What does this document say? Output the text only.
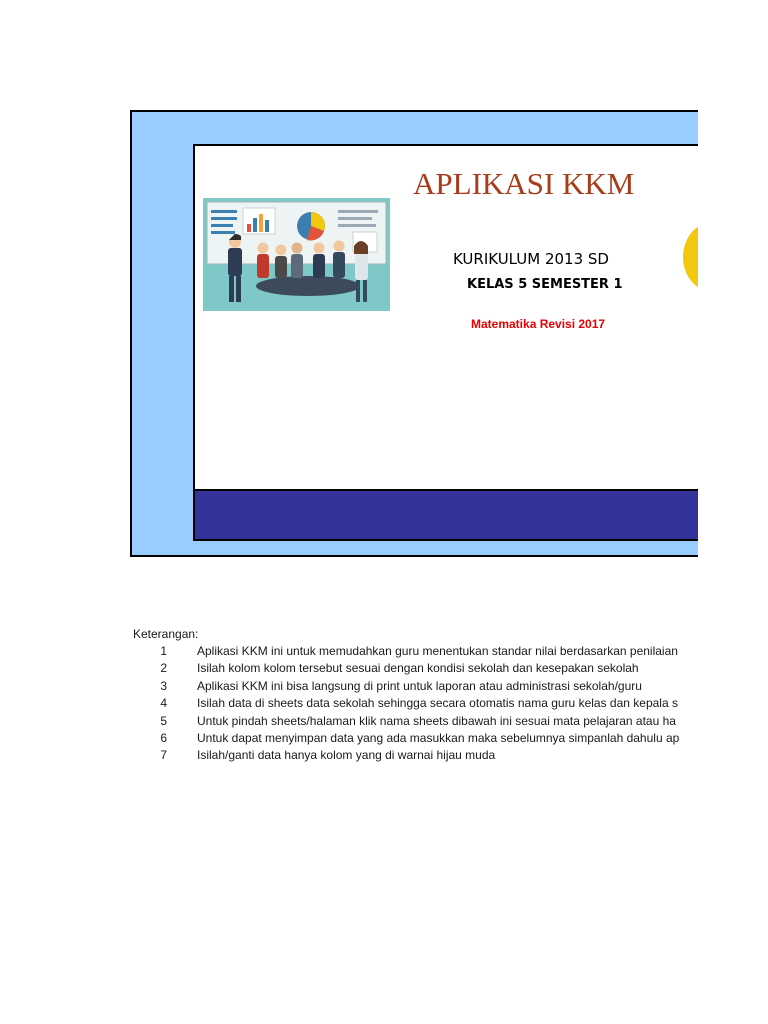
APLIKASI KKM
KURIKULUM 2013 SD
KELAS 5 SEMESTER 1
Matematika Revisi 2017
Keterangan:
1	Aplikasi KKM ini untuk memudahkan guru menentukan standar nilai berdasarkan penilaian
2	Isilah kolom kolom tersebut sesuai dengan kondisi sekolah dan kesepakan sekolah
3	Aplikasi KKM ini bisa langsung di print untuk laporan atau administrasi sekolah/guru
4	Isilah data di sheets data sekolah sehingga secara otomatis nama guru kelas dan kepala s
5	Untuk pindah sheets/halaman klik nama sheets dibawah ini sesuai mata pelajaran atau ha
6	Untuk dapat menyimpan data yang ada masukkan maka sebelumnya simpanlah dahulu ap
7	Isilah/ganti data hanya kolom yang di warnai hijau muda
